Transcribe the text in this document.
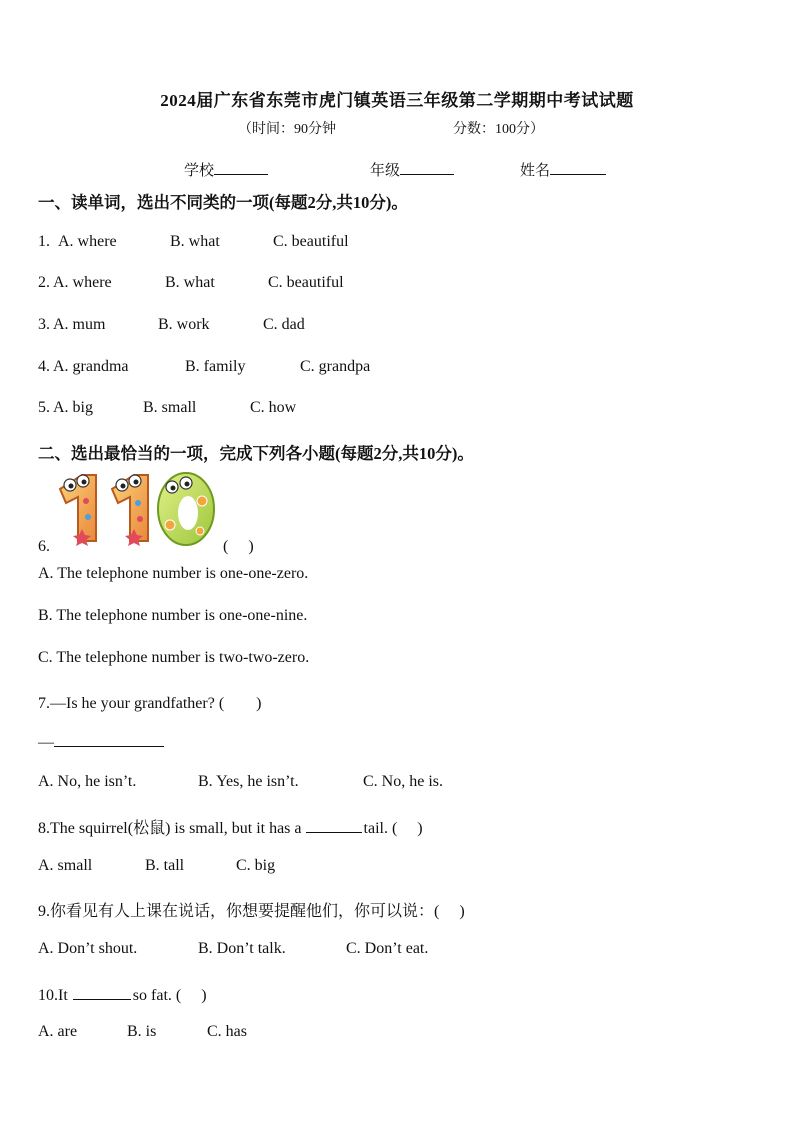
2024届广东省东莞市虎门镇英语三年级第二学期期中考试试题
（时间：90分钟	分数：100分）
学校	年级	姓名
一、读单词，选出不同类的一项(每题2分,共10分)。
1.A. where	B. what	C. beautiful
2. A. where	B. what	C. beautiful
3. A. mum	B. work	C. dad
4. A. grandma	B. family	C. grandpa
5. A. big	B. small	C. how
二、选出最恰当的一项，完成下列各小题(每题2分,共10分)。
6.	(　 )
A. The telephone number is one-one-zero.
B. The telephone number is one-one-nine.
C. The telephone number is two-two-zero.
7.—Is he your grandfather? (　　)
—
A. No, he isn’t.	B. Yes, he isn’t.	C. No, he is.
8.The squirrel(松鼠) is small, but it has a	tail. (　 )
A. small	B. tall	C. big
9.你看见有人上课在说话，你想要提醒他们，你可以说：(　 )
A. Don’t shout.	B. Don’t talk.	C. Don’t eat.
10.It	so fat. (　 )
A. are	B. is	C. has
